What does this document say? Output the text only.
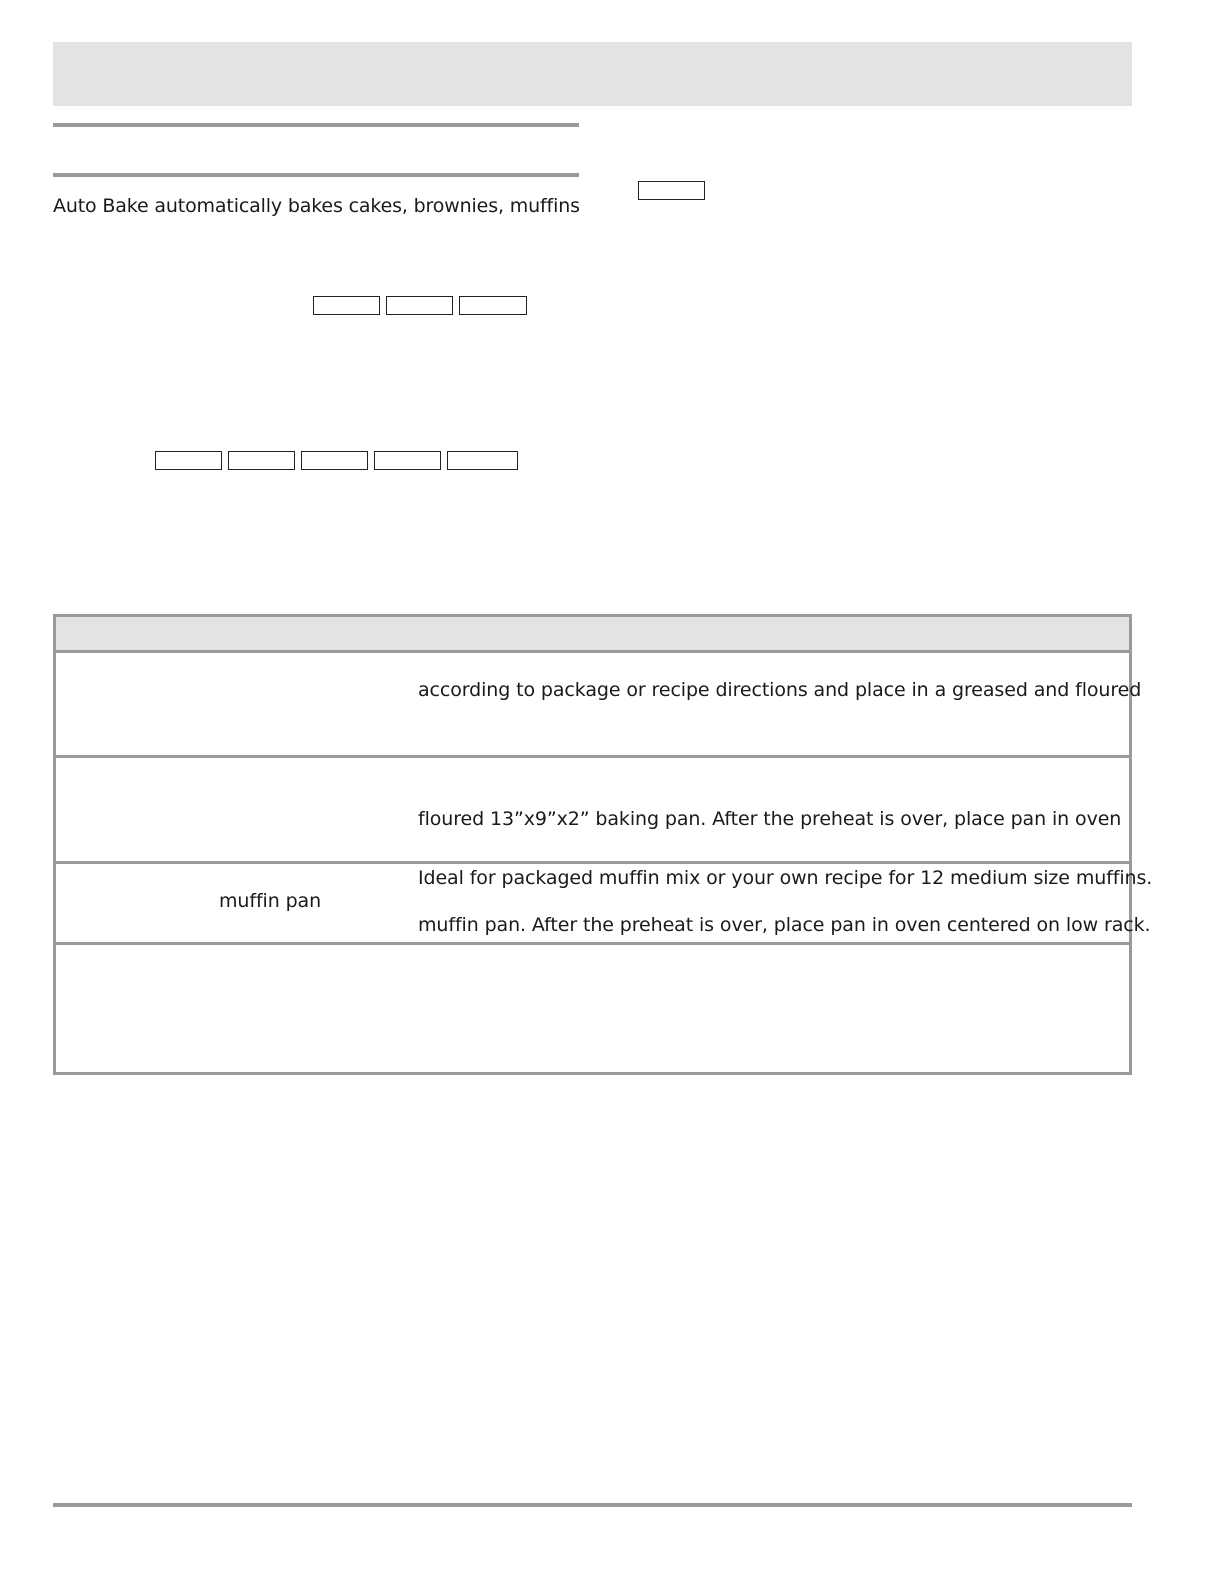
Auto Bake automatically bakes cakes, brownies, muffins
according to package or recipe directions and place in a greased and floured
floured 13”x9”x2” baking pan. After the preheat is over, place pan in oven
muffin pan
Ideal for packaged muffin mix or your own recipe for 12 medium size muffins.
muffin pan. After the preheat is over, place pan in oven centered on low rack.
